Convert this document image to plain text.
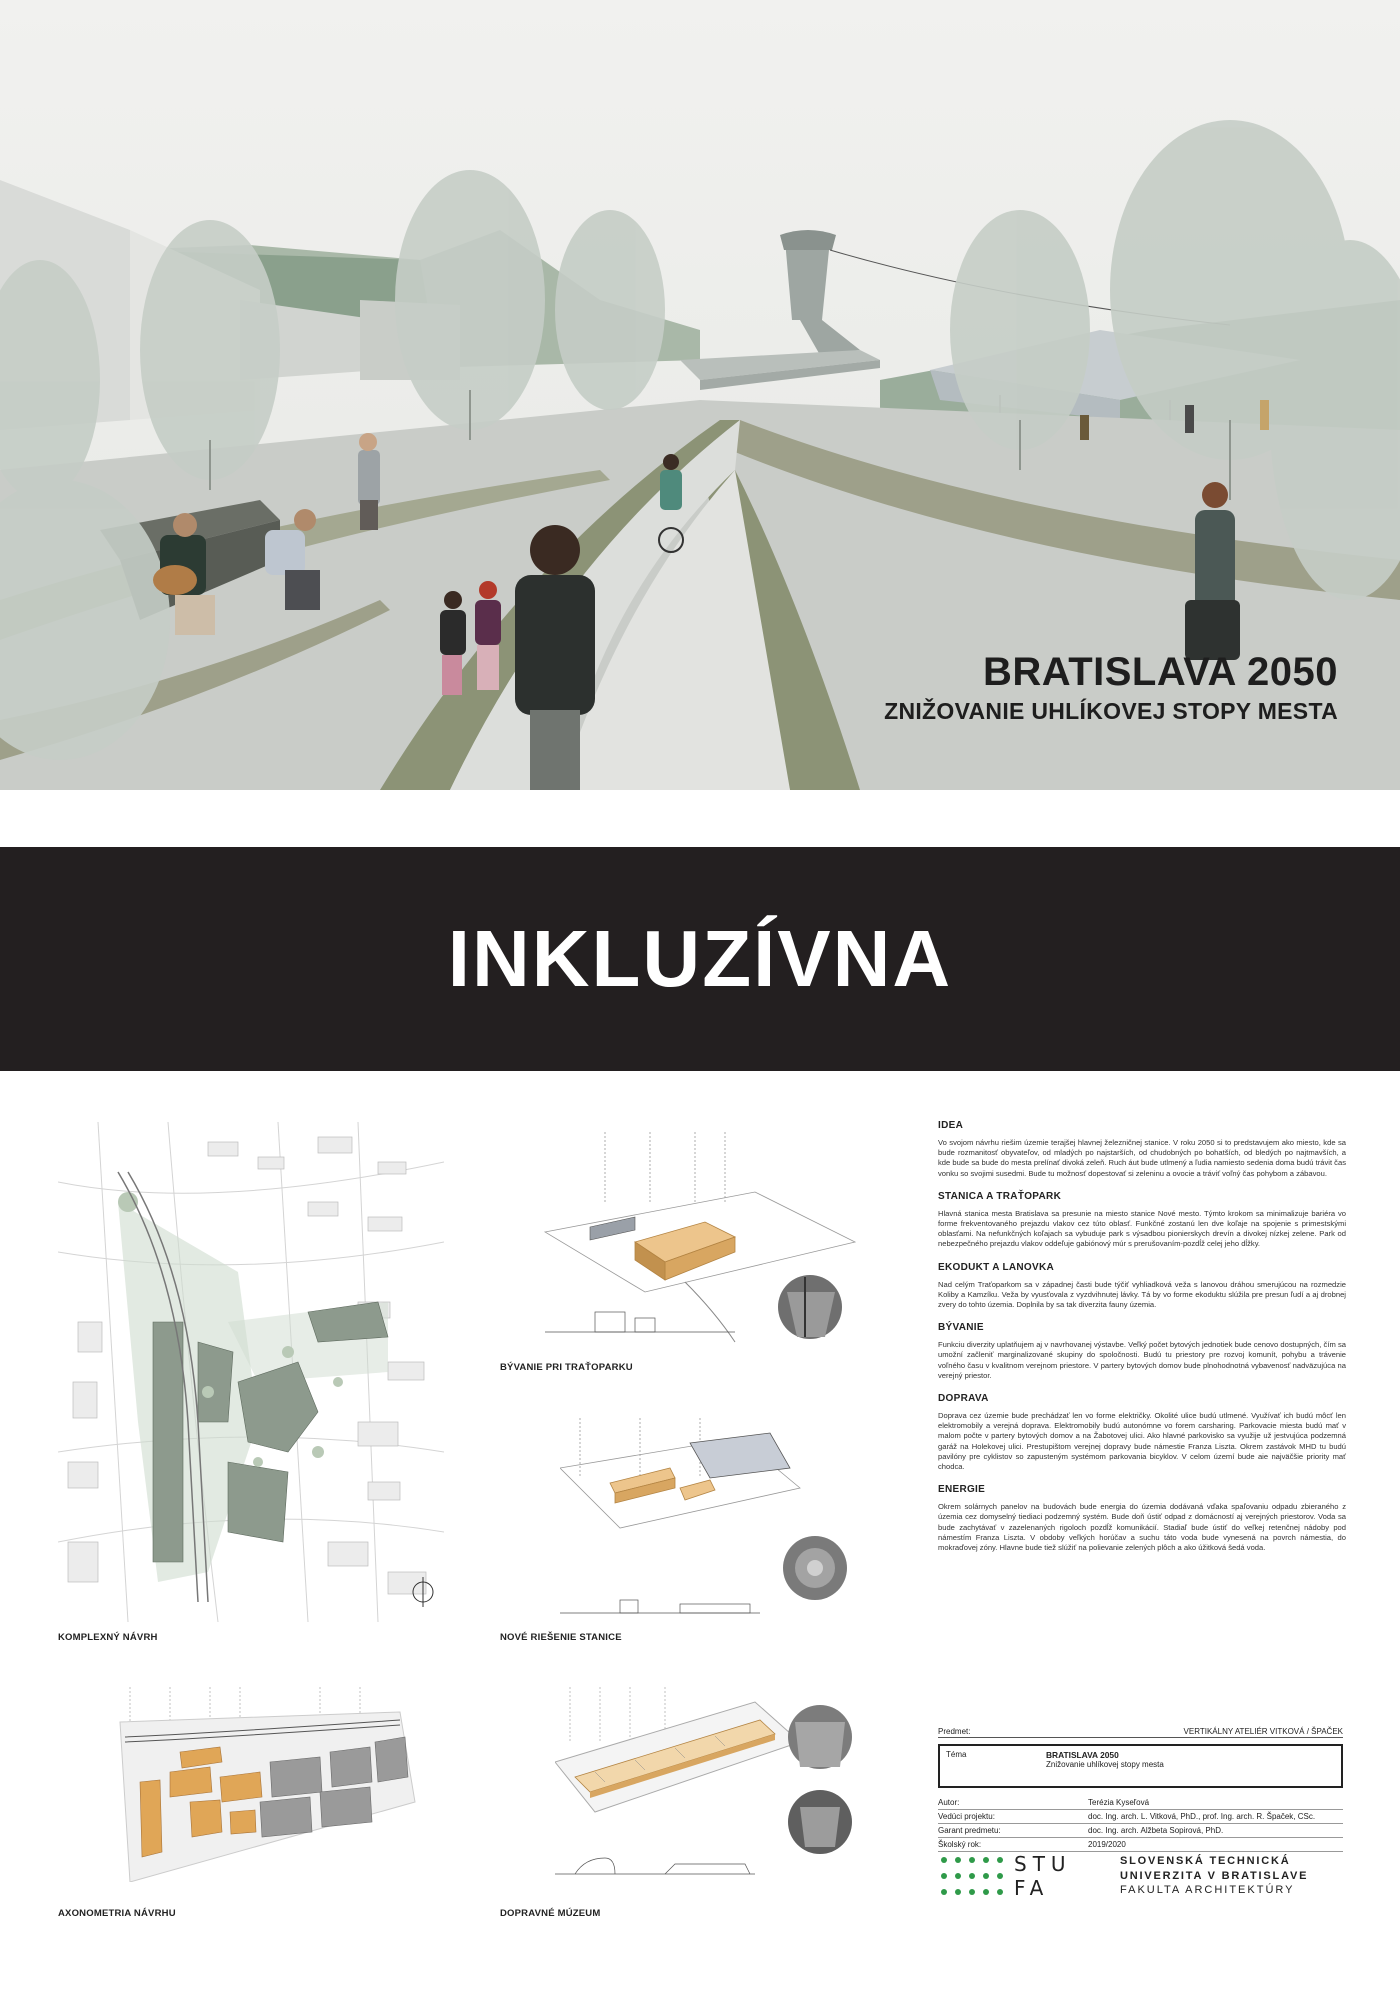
BRATISLAVA 2050
ZNIŽOVANIE UHLÍKOVEJ STOPY MESTA
INKLUZÍVNA
KOMPLEXNÝ NÁVRH
BÝVANIE PRI TRAŤOPARKU
NOVÉ RIEŠENIE STANICE
AXONOMETRIA NÁVRHU	DOPRAVNÉ MÚZEUM
IDEA

Vo svojom návrhu riešim územie terajšej hlavnej železničnej stanice. V roku 2050 si to predstavujem ako miesto, kde sa bude rozmanitosť obyvateľov, od mladých po najstarších, od chudobných po bohatších, od bledých po najtmavších, a kde bude sa bude do mesta prelínať divoká zeleň. Ruch áut bude utlmený a ľudia namiesto sedenia doma budú trávit čas vonku so svojimi susedmi. Bude tu možnosť dopestovať si zeleninu a ovocie a tráviť voľný čas pohybom a zábavou.

STANICA A TRAŤOPARK

Hlavná stanica mesta Bratislava sa presunie na miesto stanice Nové mesto. Týmto krokom sa minimalizuje bariéra vo forme frekventovaného prejazdu vlakov cez túto oblasť. Funkčné zostanú len dve koľaje na spojenie s primestskými oblasťami. Na nefunkčných koľajach sa vybuduje park s výsadbou pionierskych drevín a divokej nízkej zelene. Park od nebezpečného prejazdu vlakov oddeľuje gabiónový múr s prerušovaním-pozdĺž celej jeho dĺžky.

EKODUKT A LANOVKA

Nad celým Traťoparkom sa v západnej časti bude týčiť vyhliadková veža s lanovou dráhou smerujúcou na rozmedzie Koliby a Kamzíku. Veža by vyusťovala z vyzdvihnutej lávky. Tá by vo forme ekoduktu slúžila pre presun ľudí a aj drobnej zvery do tohto územia. Doplnila by sa tak diverzita fauny územia.

BÝVANIE

Funkciu diverzity uplatňujem aj v navrhovanej výstavbe. Veľký počet bytových jednotiek bude cenovo dostupných, čím sa umožní začleniť marginalizované skupiny do spoločnosti. Budú tu priestory pre rozvoj komunít, pohybu a trávenie voľného času v kvalitnom verejnom priestore. V partery bytových domov bude plnohodnotná vybavenosť nadväzujúca na verejný priestor.

DOPRAVA

Doprava cez územie bude prechádzať len vo forme električky. Okolité ulice budú utlmené. Využívať ich budú môcť len elektromobily a verejná doprava. Elektromobily budú autonómne vo forem carsharing. Parkovacie miesta budú mať v malom počte v partery bytových domov a na Žabotovej ulici. Ako hlavné parkovisko sa využije už jestvujúca podzemná garáž na Holekovej ulici. Prestupištom verejnej dopravy bude námestie Franza Liszta. Okrem zastávok MHD tu budú pavilóny pre cyklistov so zapusteným systémom parkovania bicyklov. V celom území bude aie najväčšie priority mať chodca.

ENERGIE

Okrem solárnych panelov na budovách bude energia do územia dodávaná vďaka spaľovaniu odpadu zbieraného z územia cez domyselný tiediaci podzemný systém. Bude doň ústiť odpad z domácností aj verejných priestorov. Voda sa bude zachytávať v zazelenaných rigoloch pozdĺž komunikácií. Stadiaľ bude ústiť do veľkej retenčnej nádoby pod námestím Franza Liszta. V obdoby veľkých horúčav a suchu táto voda bude vynesená na povrch námestia, do mokraďovej zóny. Hlavne bude tiež slúžiť na polievanie zelených plôch a ako úžitková šedá voda.

Predmet:	VERTIKÁLNY ATELIÉR VITKOVÁ / ŠPAČEK
Téma	BRATISLAVA 2050
Znižovanie uhlíkovej stopy mesta
Autor:	Terézia Kyseľová
Vedúci projektu:	doc. Ing. arch. L. Vitková, PhD., prof. Ing. arch. R. Špaček, CSc.
Garant predmetu:	doc. Ing. arch. Alžbeta Sopirová, PhD.
Školský rok:	2019/2020
STU
FA
SLOVENSKÁ TECHNICKÁ
UNIVERZITA V BRATISLAVE
FAKULTA ARCHITEKTÚRY
